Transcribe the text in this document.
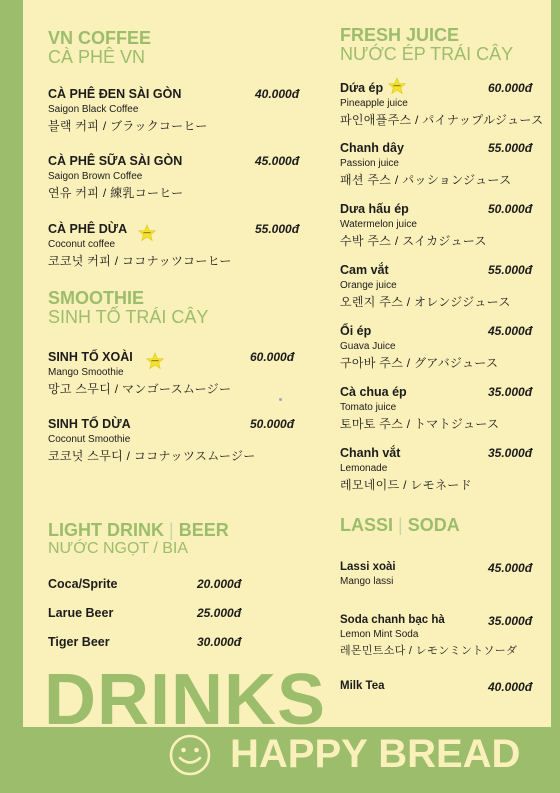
VN COFFEE
CÀ PHÊ VN
CÀ PHÊ ĐEN SÀI GÒN
Saigon Black Coffee
블랙 커피 / ブラックコーヒー
40.000đ
CÀ PHÊ SỮA SÀI GÒN
Saigon Brown Coffee
연유 커피 / 練乳コーヒー
45.000đ
CÀ PHÊ DỪA
Coconut coffee
코코넛 커피 / ココナッツコーヒー
55.000đ
SMOOTHIE
SINH TỐ TRÁI CÂY
SINH TỐ XOÀI
Mango Smoothie
망고 스무디 / マンゴースムージー
60.000đ
SINH TỐ DỪA
Coconut Smoothie
코코넛 스무디 / ココナッツスムージー
50.000đ
LIGHT DRINK | BEER
NƯỚC NGỌT / BIA
Coca/Sprite	20.000đ
Larue Beer	25.000đ
Tiger Beer	30.000đ
FRESH JUICE
NƯỚC ÉP TRÁI CÂY
Dứa ép
Pineapple juice
파인애플주스 / パイナップルジュース
60.000đ
Chanh dây
Passion juice
패션 주스 / パッションジュース
55.000đ
Dưa hấu ép
Watermelon juice
수박 주스 / スイカジュース
50.000đ
Cam vắt
Orange juice
오렌지 주스 / オレンジジュース
55.000đ
Ổi ép
Guava Juice
구아바 주스 / グアバジュース
45.000đ
Cà chua ép
Tomato juice
토마토 주스 / トマトジュース
35.000đ
Chanh vắt
Lemonade
레모네이드 / レモネード
35.000đ
LASSI | SODA
Lassi xoài
Mango lassi
45.000đ
Soda chanh bạc hà
Lemon Mint Soda
레몬민트소다 / レモンミントソーダ
35.000đ
Milk Tea	40.000đ
DRINKS
HAPPY BREAD
